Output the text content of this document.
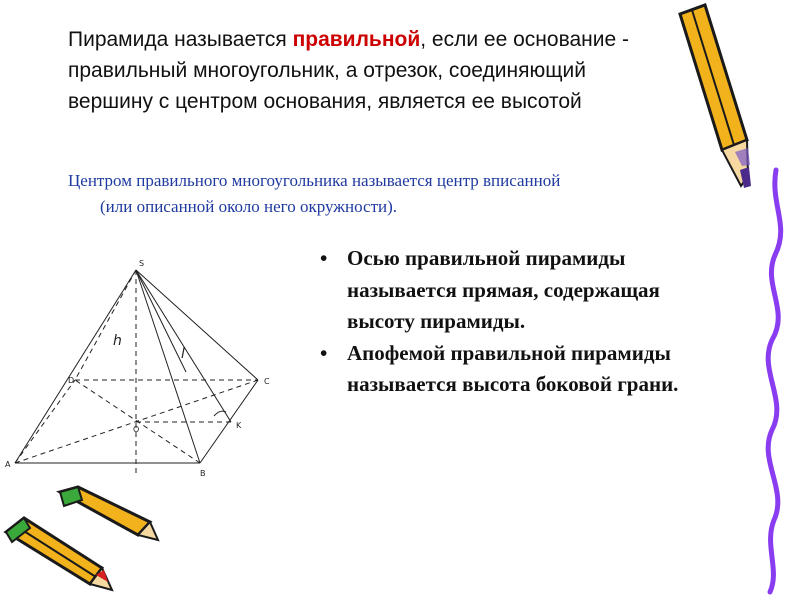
Пирамида называется правильной, если ее основание - правильный многоугольник, а отрезок, соединяющий вершину с центром основания, является ее высотой

Центром правильного многоугольника называется центр вписанной
(или описанной около него окружности).

• Осью правильной пирамиды называется прямая, содержащая высоту пирамиды.
• Апофемой правильной пирамиды называется высота боковой грани.
S
A
B
C
D
O	K
h
l
